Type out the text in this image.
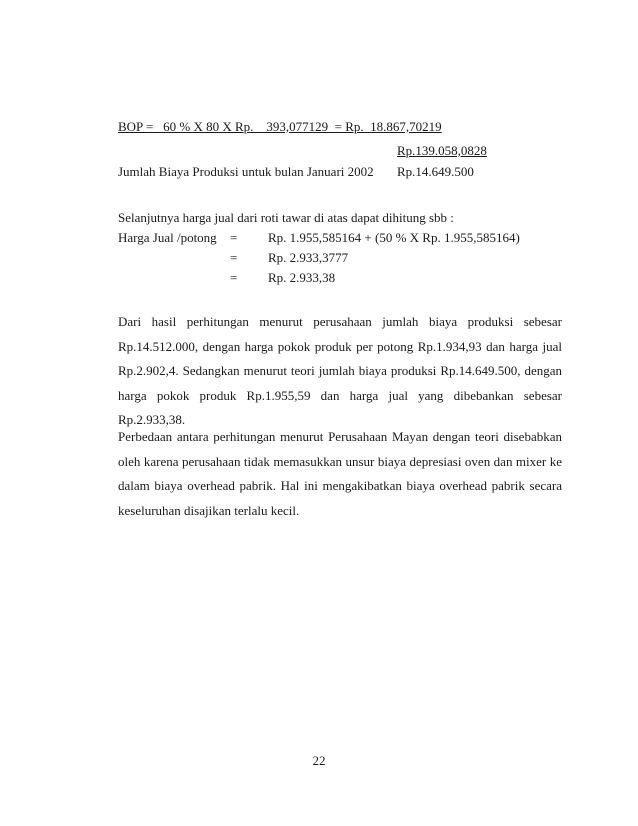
BOP =   60 % X 80 X Rp.    393,077129  = Rp.  18.867,70219
Rp.139.058,0828
Jumlah Biaya Produksi untuk bulan Januari 2002 Rp.14.649.500
Selanjutnya harga jual dari roti tawar di atas dapat dihitung sbb :
Harga Jual /potong = Rp. 1.955,585164 + (50 % X Rp. 1.955,585164)
= Rp. 2.933,3777
= Rp. 2.933,38
Dari hasil perhitungan menurut perusahaan jumlah biaya produksi sebesar Rp.14.512.000, dengan harga pokok produk per potong Rp.1.934,93 dan harga jual Rp.2.902,4. Sedangkan menurut teori jumlah biaya produksi Rp.14.649.500, dengan harga pokok produk Rp.1.955,59 dan harga jual yang dibebankan sebesar Rp.2.933,38.
Perbedaan antara perhitungan menurut Perusahaan Mayan dengan teori disebabkan oleh karena perusahaan tidak memasukkan unsur biaya depresiasi oven dan mixer ke dalam biaya overhead pabrik. Hal ini mengakibatkan biaya overhead pabrik secara keseluruhan disajikan terlalu kecil.
22
